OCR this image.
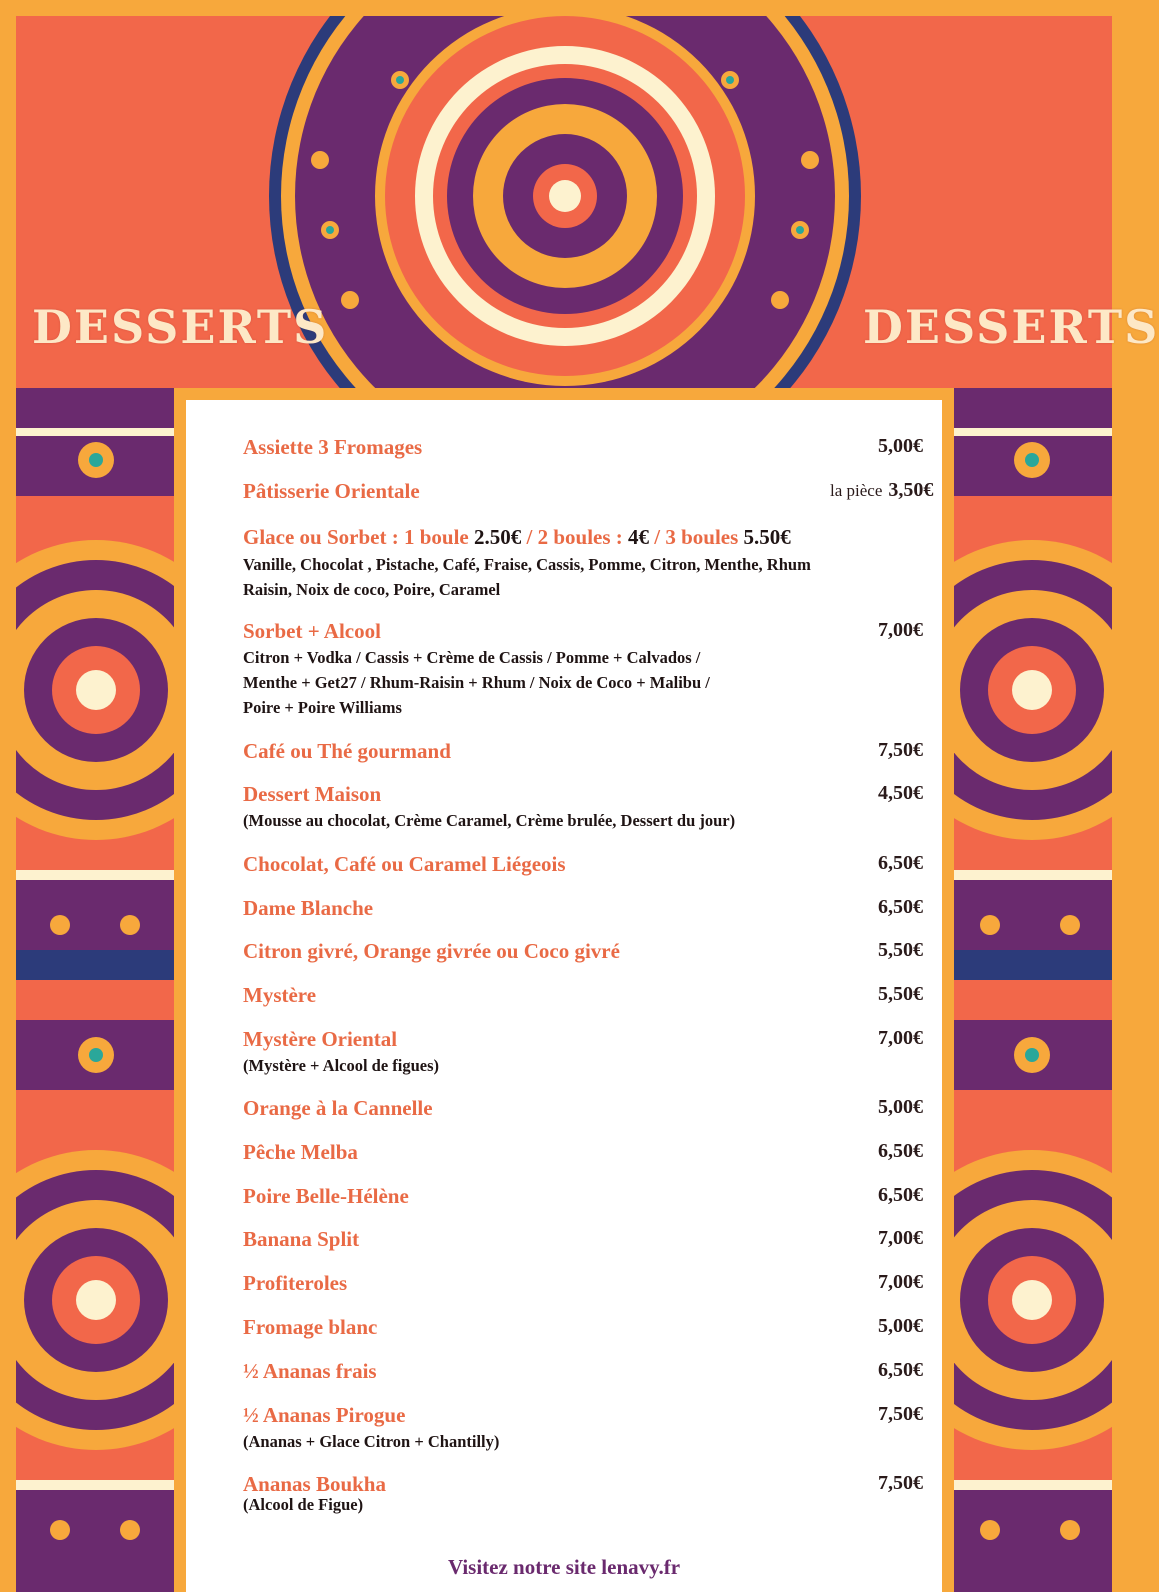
DESSERTS	DESSERTS
Assiette 3 Fromages	5,00€
Pâtisserie Orientale	la pièce 3,50€
Glace ou Sorbet : 1 boule 2.50€ / 2 boules : 4€ / 3 boules 5.50€
Vanille, Chocolat , Pistache, Café, Fraise, Cassis, Pomme, Citron, Menthe, Rhum
Raisin, Noix de coco, Poire, Caramel
Sorbet + Alcool	7,00€
Citron + Vodka / Cassis + Crème de Cassis / Pomme + Calvados /
Menthe + Get27 / Rhum-Raisin + Rhum / Noix de Coco + Malibu /
Poire + Poire Williams
Café ou Thé gourmand	7,50€
Dessert Maison	4,50€
(Mousse au chocolat, Crème Caramel, Crème brulée, Dessert du jour)
Chocolat, Café ou Caramel Liégeois	6,50€
Dame Blanche	6,50€
Citron givré, Orange givrée ou Coco givré	5,50€
Mystère	5,50€
Mystère Oriental	7,00€
(Mystère + Alcool de figues)
Orange à la Cannelle	5,00€
Pêche Melba	6,50€
Poire Belle-Hélène	6,50€
Banana Split	7,00€
Profiteroles	7,00€
Fromage blanc	5,00€
½ Ananas frais	6,50€
½ Ananas Pirogue	7,50€
(Ananas + Glace Citron + Chantilly)
Ananas Boukha	7,50€
(Alcool de Figue)
Visitez notre site lenavy.fr
